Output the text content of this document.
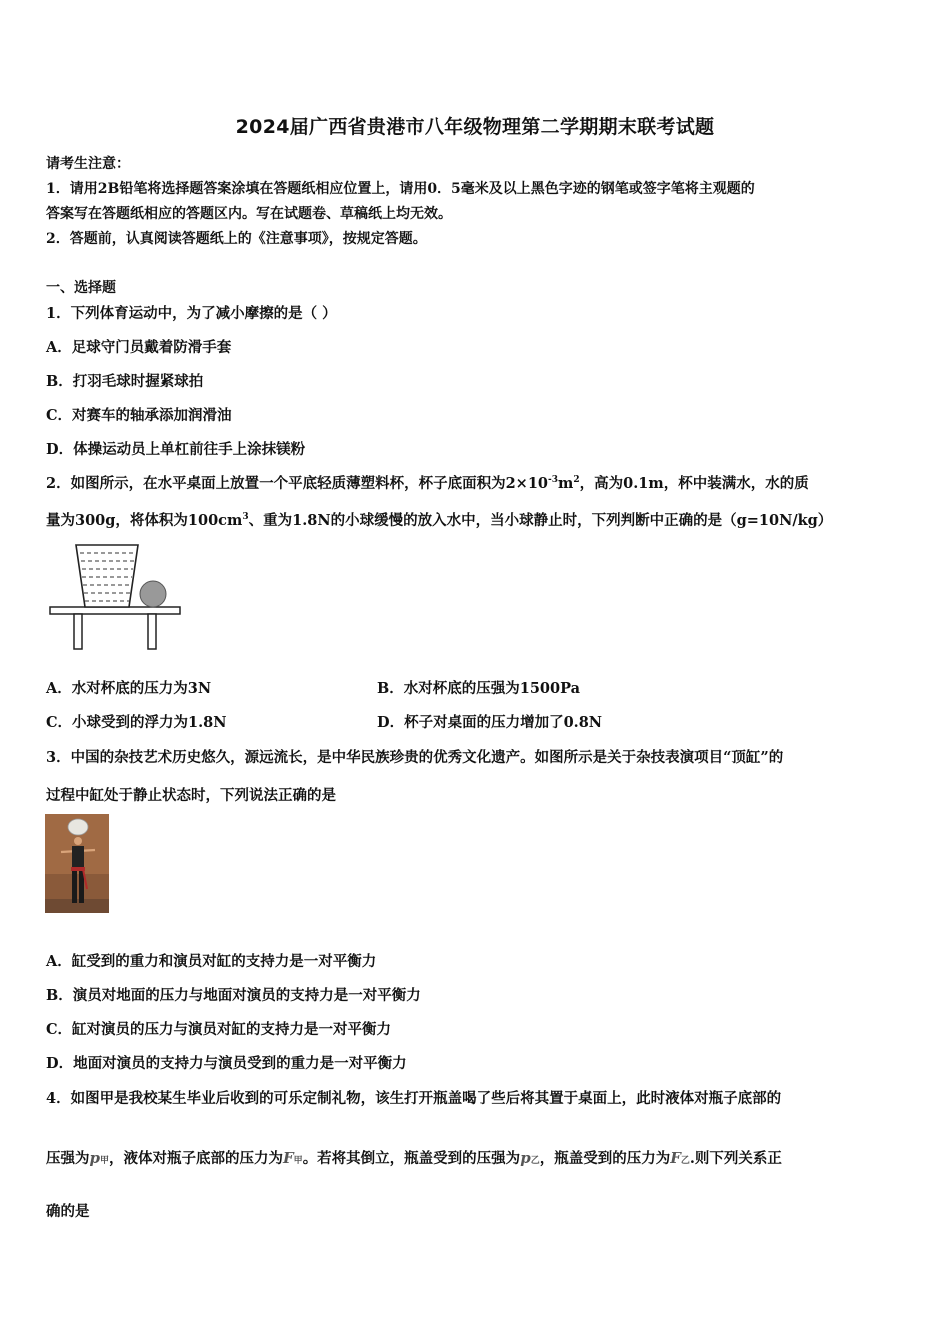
2024届广西省贵港市八年级物理第二学期期末联考试题
请考生注意：
1．请用2B铅笔将选择题答案涂填在答题纸相应位置上，请用0．5毫米及以上黑色字迹的钢笔或签字笔将主观题的
答案写在答题纸相应的答题区内。写在试题卷、草稿纸上均无效。
2．答题前，认真阅读答题纸上的《注意事项》，按规定答题。
一、选择题
1．下列体育运动中，为了减小摩擦的是（ ）
A．足球守门员戴着防滑手套
B．打羽毛球时握紧球拍
C．对赛车的轴承添加润滑油
D．体操运动员上单杠前往手上涂抹镁粉
2．如图所示，在水平桌面上放置一个平底轻质薄塑料杯，杯子底面积为$2\times 10^{-3}m^2$，高为0.1m，杯中装满水，水的质
量为300g，将体积为$100cm^3$、重为1.8N的小球缓慢的放入水中，当小球静止时，下列判断中正确的是（g=10N/kg）
A．水对杯底的压力为3N	B．水对杯底的压强为1500Pa
C．小球受到的浮力为1.8N	D．杯子对桌面的压力增加了0.8N
3．中国的杂技艺术历史悠久，源远流长，是中华民族珍贵的优秀文化遗产。如图所示是关于杂技表演项目“顶缸”的
过程中缸处于静止状态时，下列说法正确的是
A．缸受到的重力和演员对缸的支持力是一对平衡力
B．演员对地面的压力与地面对演员的支持力是一对平衡力
C．缸对演员的压力与演员对缸的支持力是一对平衡力
D．地面对演员的支持力与演员受到的重力是一对平衡力
4．如图甲是我校某生毕业后收到的可乐定制礼物，该生打开瓶盖喝了些后将其置于桌面上，此时液体对瓶子底部的
压强为p甲，液体对瓶子底部的压力为F甲。若将其倒立，瓶盖受到的压强为p乙，瓶盖受到的压力为F乙.则下列关系正
确的是
